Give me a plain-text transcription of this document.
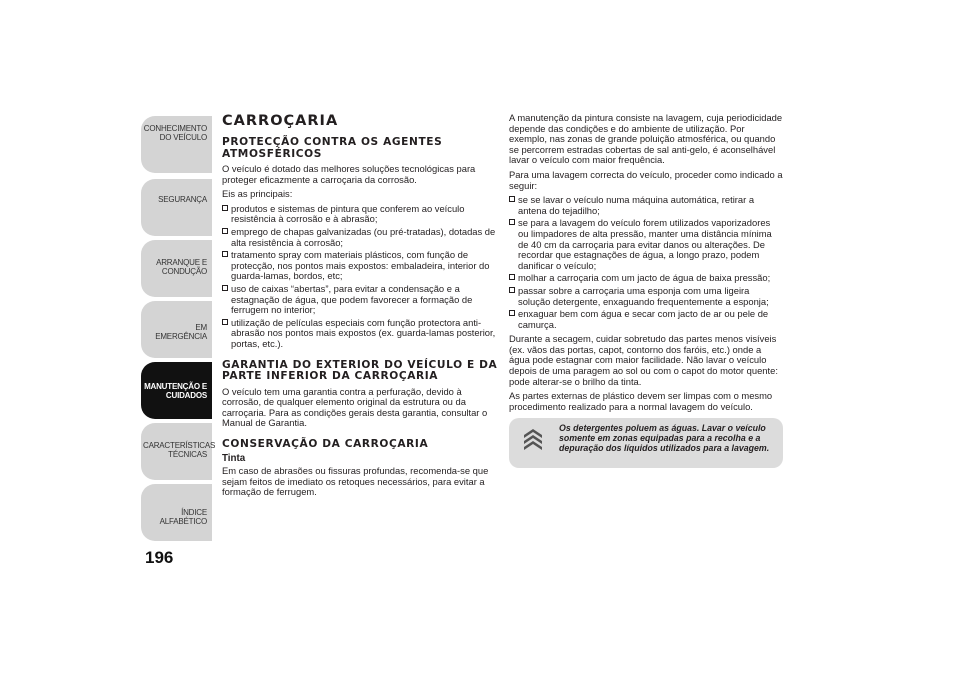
CONHECIMENTO DO VEÍCULO
SEGURANÇA
ARRANQUE E CONDUÇÃO
EM EMERGÊNCIA
MANUTENÇÃO E CUIDADOS
CARACTERÍSTICAS TÉCNICAS
ÍNDICE ALFABÉTICO
196
CARROÇARIA
PROTECÇÃO CONTRA OS AGENTES ATMOSFÉRICOS

O veículo é dotado das melhores soluções tecnológicas para proteger eficazmente a carroçaria da corrosão.

Eis as principais:

produtos e sistemas de pintura que conferem ao veículo resistência à corrosão e à abrasão;
emprego de chapas galvanizadas (ou pré-tratadas), dotadas de alta resistência à corrosão;
tratamento spray com materiais plásticos, com função de protecção, nos pontos mais expostos: embaladeira, interior do guarda-lamas, bordos, etc;
uso de caixas “abertas”, para evitar a condensação e a estagnação de água, que podem favorecer a formação de ferrugem no interior;
utilização de películas especiais com função protectora anti-abrasão nos pontos mais expostos (ex. guarda-lamas posterior, portas, etc.).
GARANTIA DO EXTERIOR DO VEÍCULO E DA PARTE INFERIOR DA CARROÇARIA

O veículo tem uma garantia contra a perfuração, devido à corrosão, de qualquer elemento original da estrutura ou da carroçaria. Para as condições gerais desta garantia, consultar o Manual de Garantia.

CONSERVAÇÃO DA CARROÇARIA
Tinta

Em caso de abrasões ou fissuras profundas, recomenda-se que sejam feitos de imediato os retoques necessários, para evitar a formação de ferrugem.

A manutenção da pintura consiste na lavagem, cuja periodicidade depende das condições e do ambiente de utilização. Por exemplo, nas zonas de grande poluição atmosférica, ou quando se percorrem estradas cobertas de sal anti-gelo, é aconselhável lavar o veículo com maior frequência.

Para uma lavagem correcta do veículo, proceder como indicado a seguir:

se se lavar o veículo numa máquina automática, retirar a antena do tejadilho;
se para a lavagem do veículo forem utilizados vaporizadores ou limpadores de alta pressão, manter uma distância mínima de 40 cm da carroçaria para evitar danos ou alterações. De recordar que estagnações de água, a longo prazo, podem danificar o veículo;
molhar a carroçaria com um jacto de água de baixa pressão;
passar sobre a carroçaria uma esponja com uma ligeira solução detergente, enxaguando frequentemente a esponja;
enxaguar bem com água e secar com jacto de ar ou pele de camurça.

Durante a secagem, cuidar sobretudo das partes menos visíveis (ex. vãos das portas, capot, contorno dos faróis, etc.) onde a água pode estagnar com maior facilidade. Não lavar o veículo depois de uma paragem ao sol ou com o capot do motor quente: pode alterar-se o brilho da tinta.

As partes externas de plástico devem ser limpas com o mesmo procedimento realizado para a normal lavagem do veículo.

Os detergentes poluem as águas. Lavar o veículo somente em zonas equipadas para a recolha e a depuração dos líquidos utilizados para a lavagem.
